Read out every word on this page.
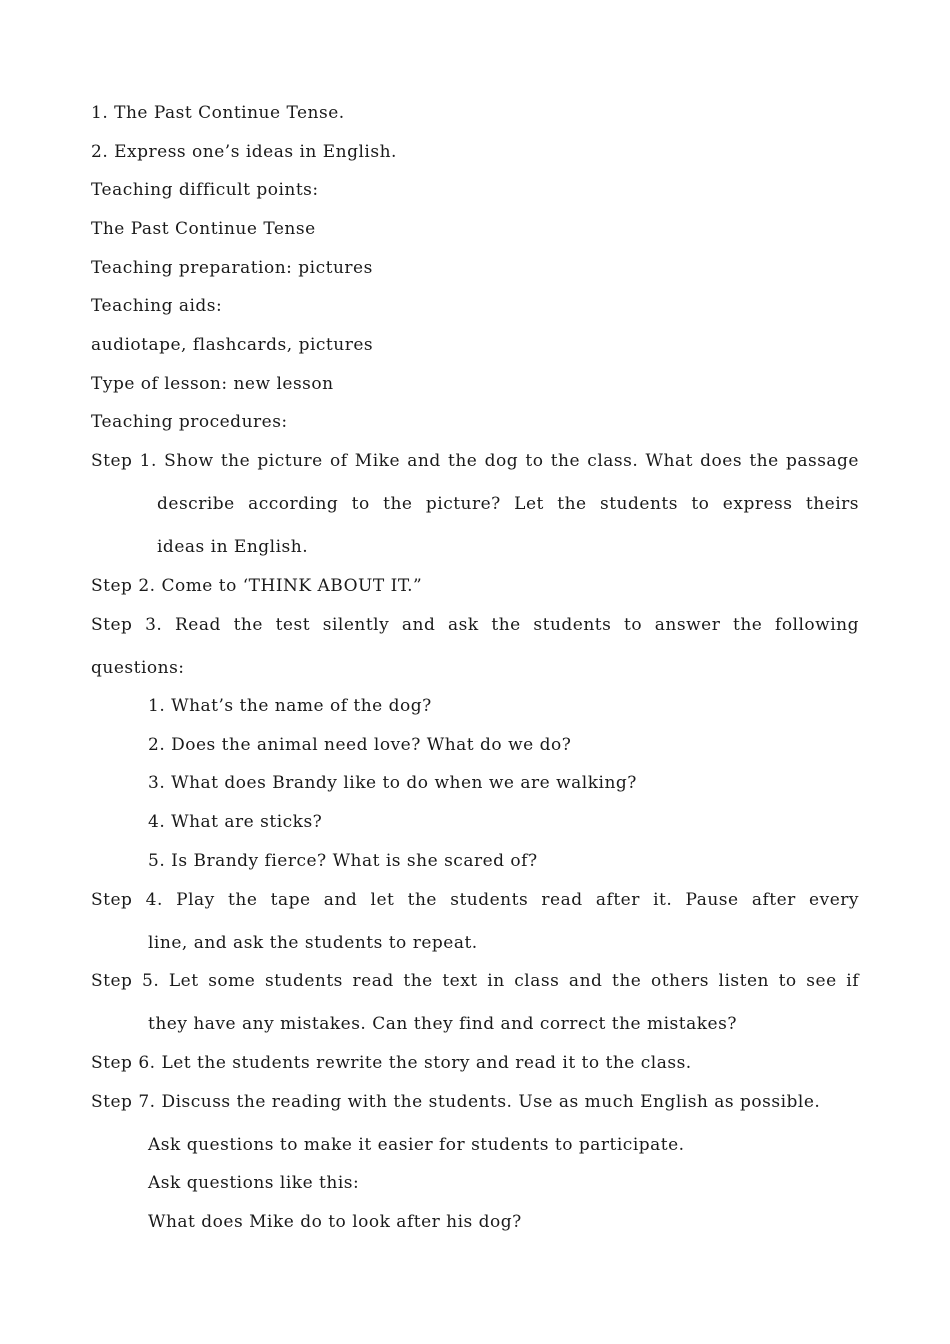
1. The Past Continue Tense.
2. Express one’s ideas in English.
Teaching difficult points:
The Past Continue Tense
Teaching preparation: pictures
Teaching aids:
audiotape, flashcards, pictures
Type of lesson: new lesson
Teaching procedures:
Step 1. Show the picture of Mike and the dog to the class. What does the passage
describe according to the picture? Let the students to express theirs
ideas in English.
Step 2. Come to ‘THINK ABOUT IT.”
Step 3. Read the test silently and ask the students to answer the following
questions:
1. What’s the name of the dog?
2. Does the animal need love? What do we do?
3. What does Brandy like to do when we are walking?
4. What are sticks?
5. Is Brandy fierce? What is she scared of?
Step 4. Play the tape and let the students read after it. Pause after every
line, and ask the students to repeat.
Step 5. Let some students read the text in class and the others listen to see if
they have any mistakes. Can they find and correct the mistakes?
Step 6. Let the students rewrite the story and read it to the class.
Step 7. Discuss the reading with the students. Use as much English as possible.
Ask questions to make it easier for students to participate.
Ask questions like this:
What does Mike do to look after his dog?
